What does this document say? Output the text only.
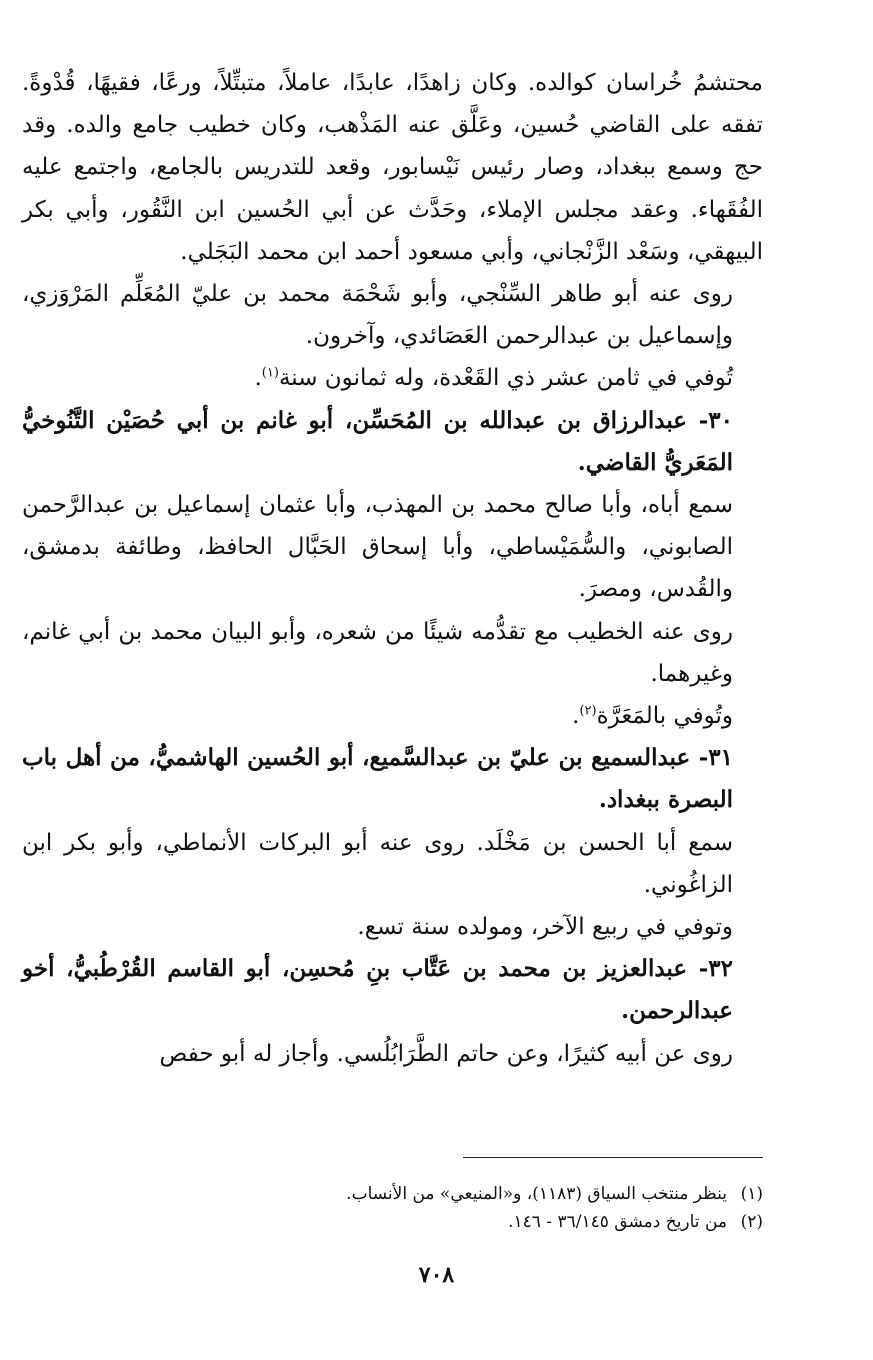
محتشمُ خُراسان كوالده. وكان زاهدًا، عابدًا، عاملاً، متبتِّلاً، ورعًا، فقيهًا، قُدْوةً. تفقه على القاضي حُسين، وعَلَّق عنه المَذْهب، وكان خطيب جامع والده. وقد حج وسمع ببغداد، وصار رئيس نَيْسابور، وقعد للتدريس بالجامع، واجتمع عليه الفُقَهاء. وعقد مجلس الإملاء، وحَدَّث عن أبي الحُسين ابن النَّقُور، وأبي بكر البيهقي، وسَعْد الزَّنْجاني، وأبي مسعود أحمد ابن محمد البَجَلي.

روى عنه أبو طاهر السِّنْجي، وأبو شَحْمَة محمد بن عليّ المُعَلِّم المَرْوَزي، وإسماعيل بن عبدالرحمن العَصَائدي، وآخرون.

تُوفي في ثامن عشر ذي القَعْدة، وله ثمانون سنة$^{(١)}$.

٣٠- عبدالرزاق بن عبدالله بن المُحَسِّن، أبو غانم بن أبي حُصَيْن التَّنُوخيُّ المَعَريُّ القاضي.

سمع أباه، وأبا صالح محمد بن المهذب، وأبا عثمان إسماعيل بن عبدالرَّحمن الصابوني، والسُّمَيْساطي، وأبا إسحاق الحَبَّال الحافظ، وطائفة بدمشق، والقُدس، ومصرَ.

روى عنه الخطيب مع تقدُّمه شيئًا من شعره، وأبو البيان محمد بن أبي غانم، وغيرهما.

وتُوفي بالمَعَرَّة$^{(٢)}$.

٣١- عبدالسميع بن عليّ بن عبدالسَّميع، أبو الحُسين الهاشميُّ، من أهل باب البصرة ببغداد.

سمع أبا الحسن بن مَخْلَد. روى عنه أبو البركات الأنماطي، وأبو بكر ابن الزاغُوني.

وتوفي في ربيع الآخر، ومولده سنة تسع.

٣٢- عبدالعزيز بن محمد بن عَتَّاب بنِ مُحسِن، أبو القاسم القُرْطُبيُّ، أخو عبدالرحمن.

روى عن أبيه كثيرًا، وعن حاتم الطَّرَابُلُسي. وأجاز له أبو حفص

(١)ينظر منتخب السياق (١١٨٣)، و«المنيعي» من الأنساب.

(٢)من تاريخ دمشق ٣٦/١٤٥ - ١٤٦.

٧٠٨
